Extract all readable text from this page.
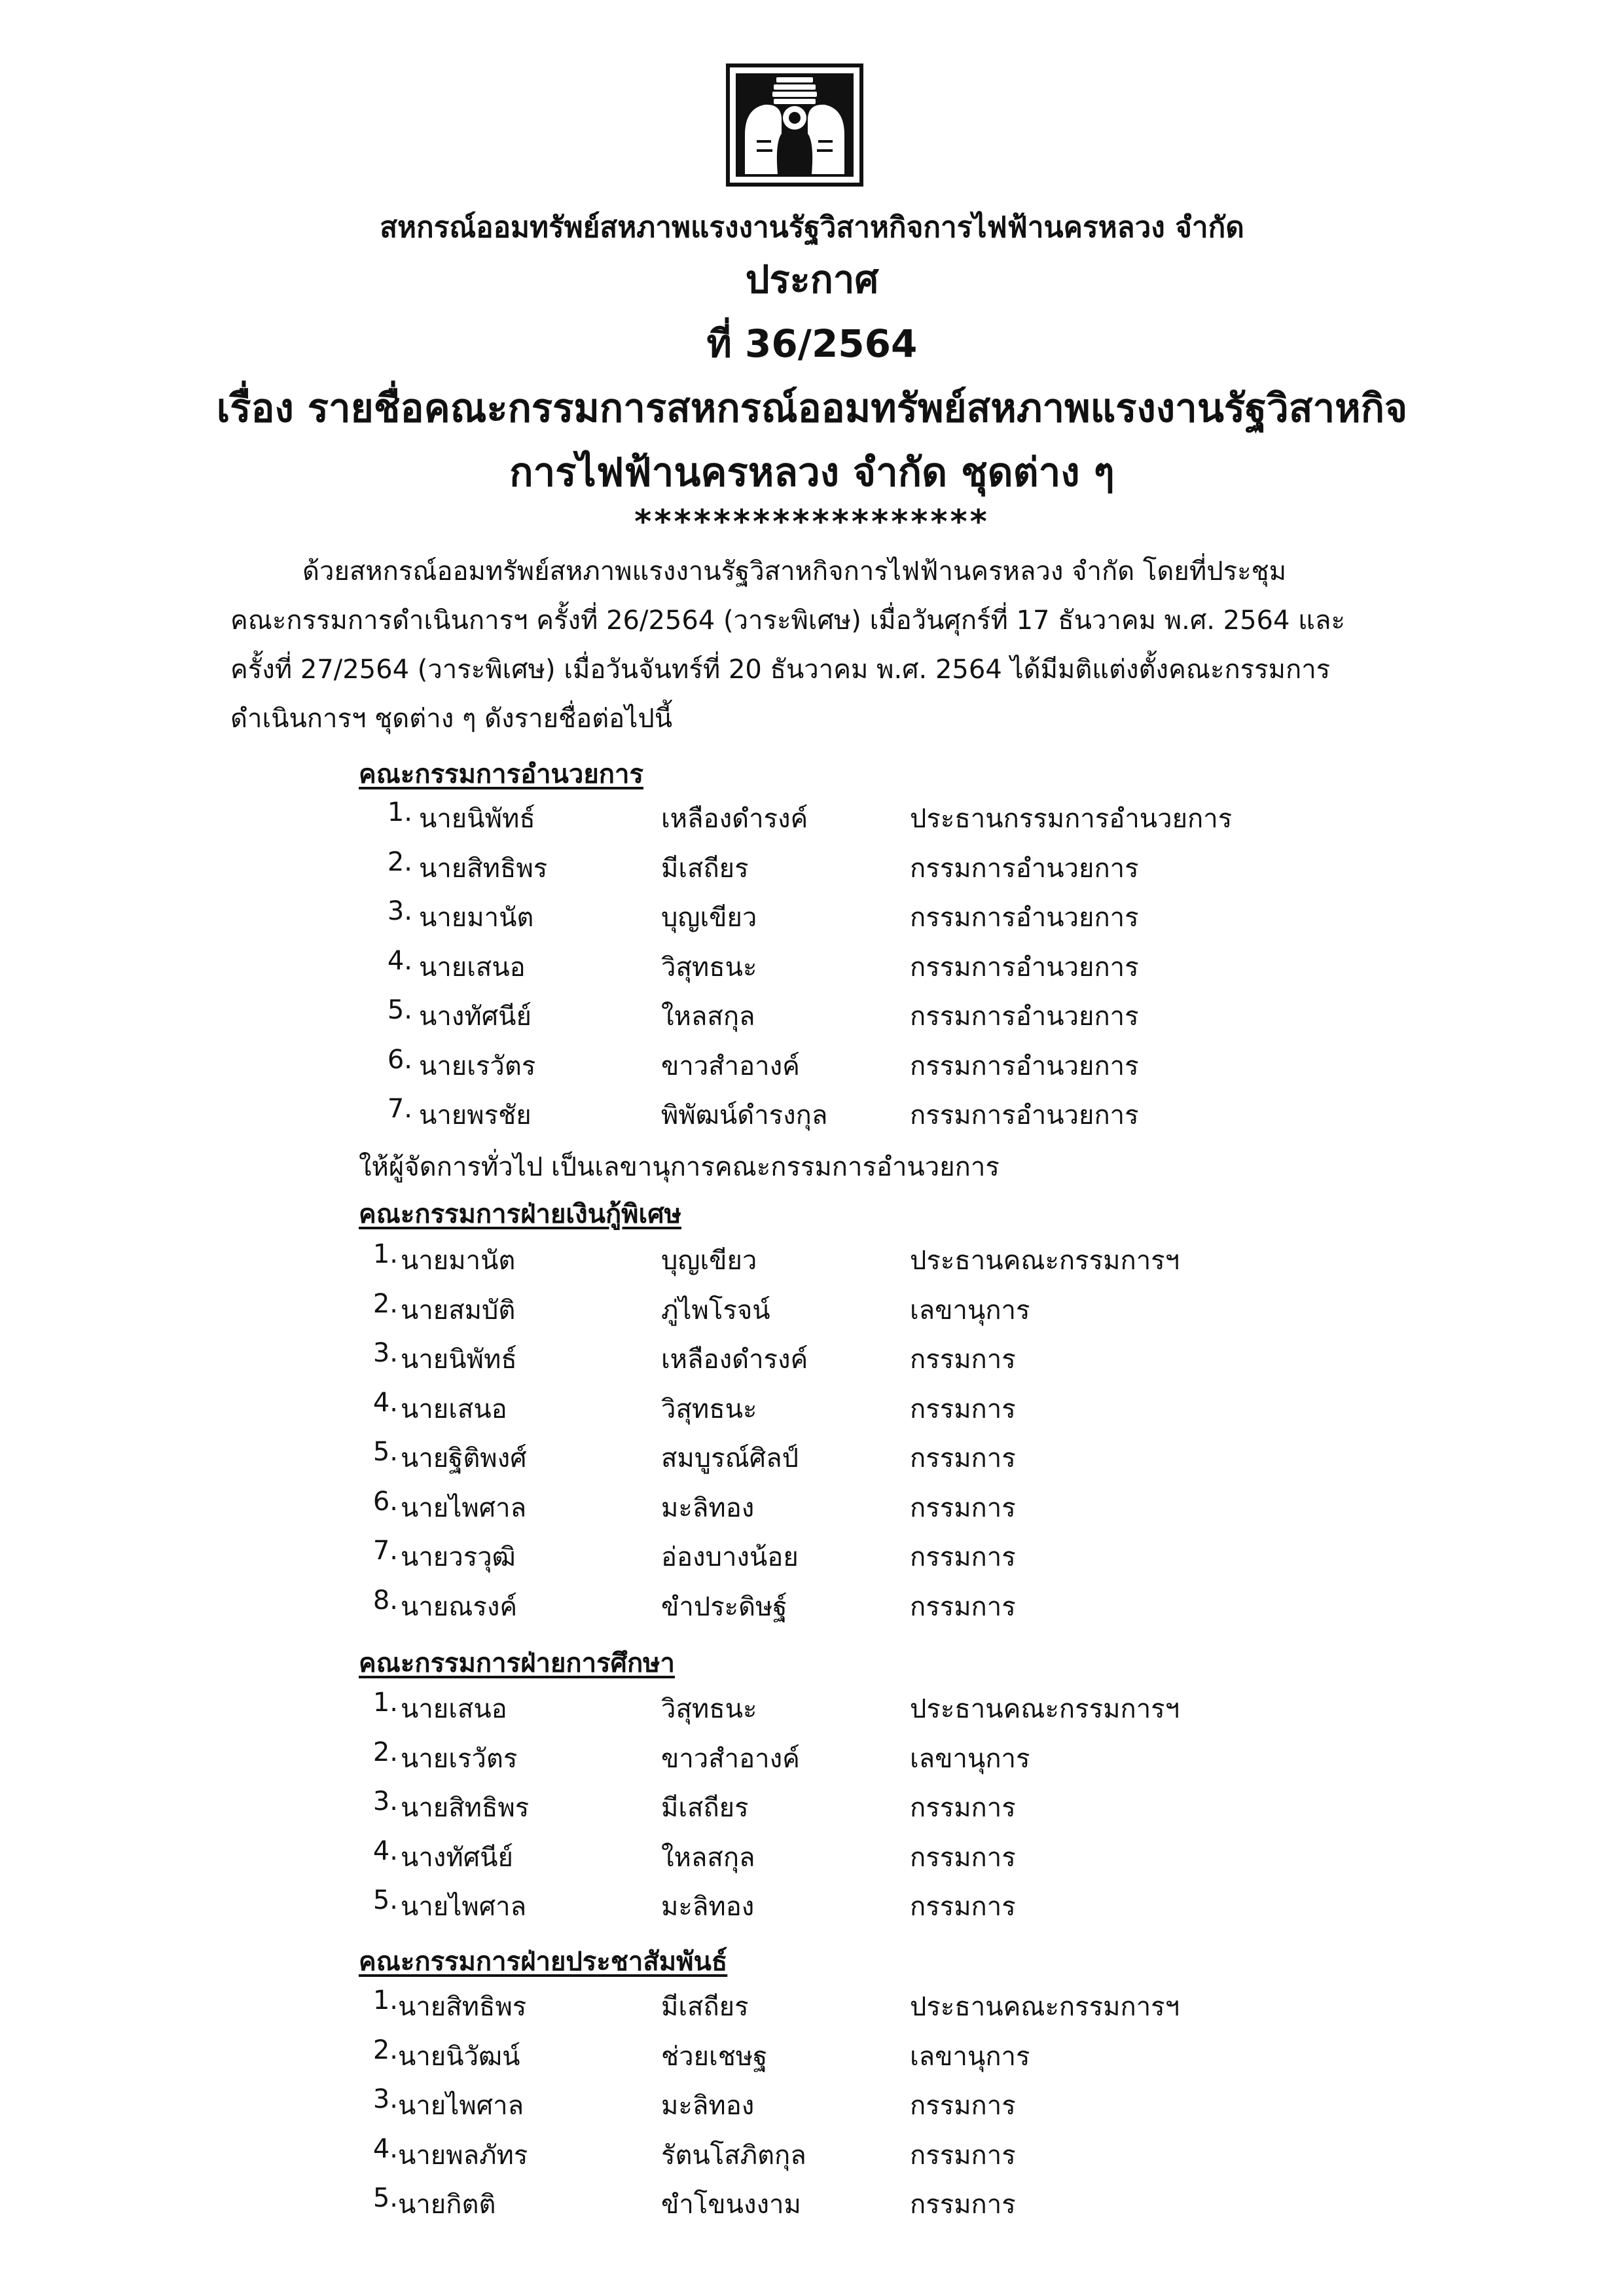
สหกรณ์ออมทรัพย์สหภาพแรงงานรัฐวิสาหกิจการไฟฟ้านครหลวง จำกัด
ประกาศ
ที่ 36/2564
เรื่อง รายชื่อคณะกรรมการสหกรณ์ออมทรัพย์สหภาพแรงงานรัฐวิสาหกิจ
การไฟฟ้านครหลวง จำกัด ชุดต่าง ๆ
******************

ด้วยสหกรณ์ออมทรัพย์สหภาพแรงงานรัฐวิสาหกิจการไฟฟ้านครหลวง จำกัด โดยที่ประชุม

คณะกรรมการดำเนินการฯ ครั้งที่ 26/2564 (วาระพิเศษ) เมื่อวันศุกร์ที่ 17 ธันวาคม พ.ศ. 2564 และ

ครั้งที่ 27/2564 (วาระพิเศษ) เมื่อวันจันทร์ที่ 20 ธันวาคม พ.ศ. 2564 ได้มีมติแต่งตั้งคณะกรรมการ

ดำเนินการฯ ชุดต่าง ๆ ดังรายชื่อต่อไปนี้

คณะกรรมการอำนวยการ
1. นายนิพัทธ์	เหลืองดำรงค์	ประธานกรรมการอำนวยการ
2. นายสิทธิพร	มีเสถียร	กรรมการอำนวยการ
3. นายมานัต	บุญเขียว	กรรมการอำนวยการ
4. นายเสนอ	วิสุทธนะ	กรรมการอำนวยการ
5. นางทัศนีย์	ใหลสกุล	กรรมการอำนวยการ
6. นายเรวัตร	ขาวสำอางค์	กรรมการอำนวยการ
7. นายพรชัย	พิพัฒน์ดำรงกุล	กรรมการอำนวยการ
ให้ผู้จัดการทั่วไป เป็นเลขานุการคณะกรรมการอำนวยการ
คณะกรรมการฝ่ายเงินกู้พิเศษ
1. นายมานัต	บุญเขียว	ประธานคณะกรรมการฯ
2. นายสมบัติ	ภู่ไพโรจน์	เลขานุการ
3. นายนิพัทธ์	เหลืองดำรงค์	กรรมการ
4. นายเสนอ	วิสุทธนะ	กรรมการ
5. นายฐิติพงศ์	สมบูรณ์ศิลป์	กรรมการ
6. นายไพศาล	มะลิทอง	กรรมการ
7. นายวรวุฒิ	อ่องบางน้อย	กรรมการ
8. นายณรงค์	ขำประดิษฐ์	กรรมการ
คณะกรรมการฝ่ายการศึกษา
1. นายเสนอ	วิสุทธนะ	ประธานคณะกรรมการฯ
2. นายเรวัตร	ขาวสำอางค์	เลขานุการ
3. นายสิทธิพร	มีเสถียร	กรรมการ
4. นางทัศนีย์	ใหลสกุล	กรรมการ
5. นายไพศาล	มะลิทอง	กรรมการ
คณะกรรมการฝ่ายประชาสัมพันธ์
1. นายสิทธิพร	มีเสถียร	ประธานคณะกรรมการฯ
2. นายนิวัฒน์	ช่วยเชษฐ	เลขานุการ
3. นายไพศาล	มะลิทอง	กรรมการ
4. นายพลภัทร	รัตนโสภิตกุล	กรรมการ
5. นายกิตติ	ขำโขนงงาม	กรรมการ
